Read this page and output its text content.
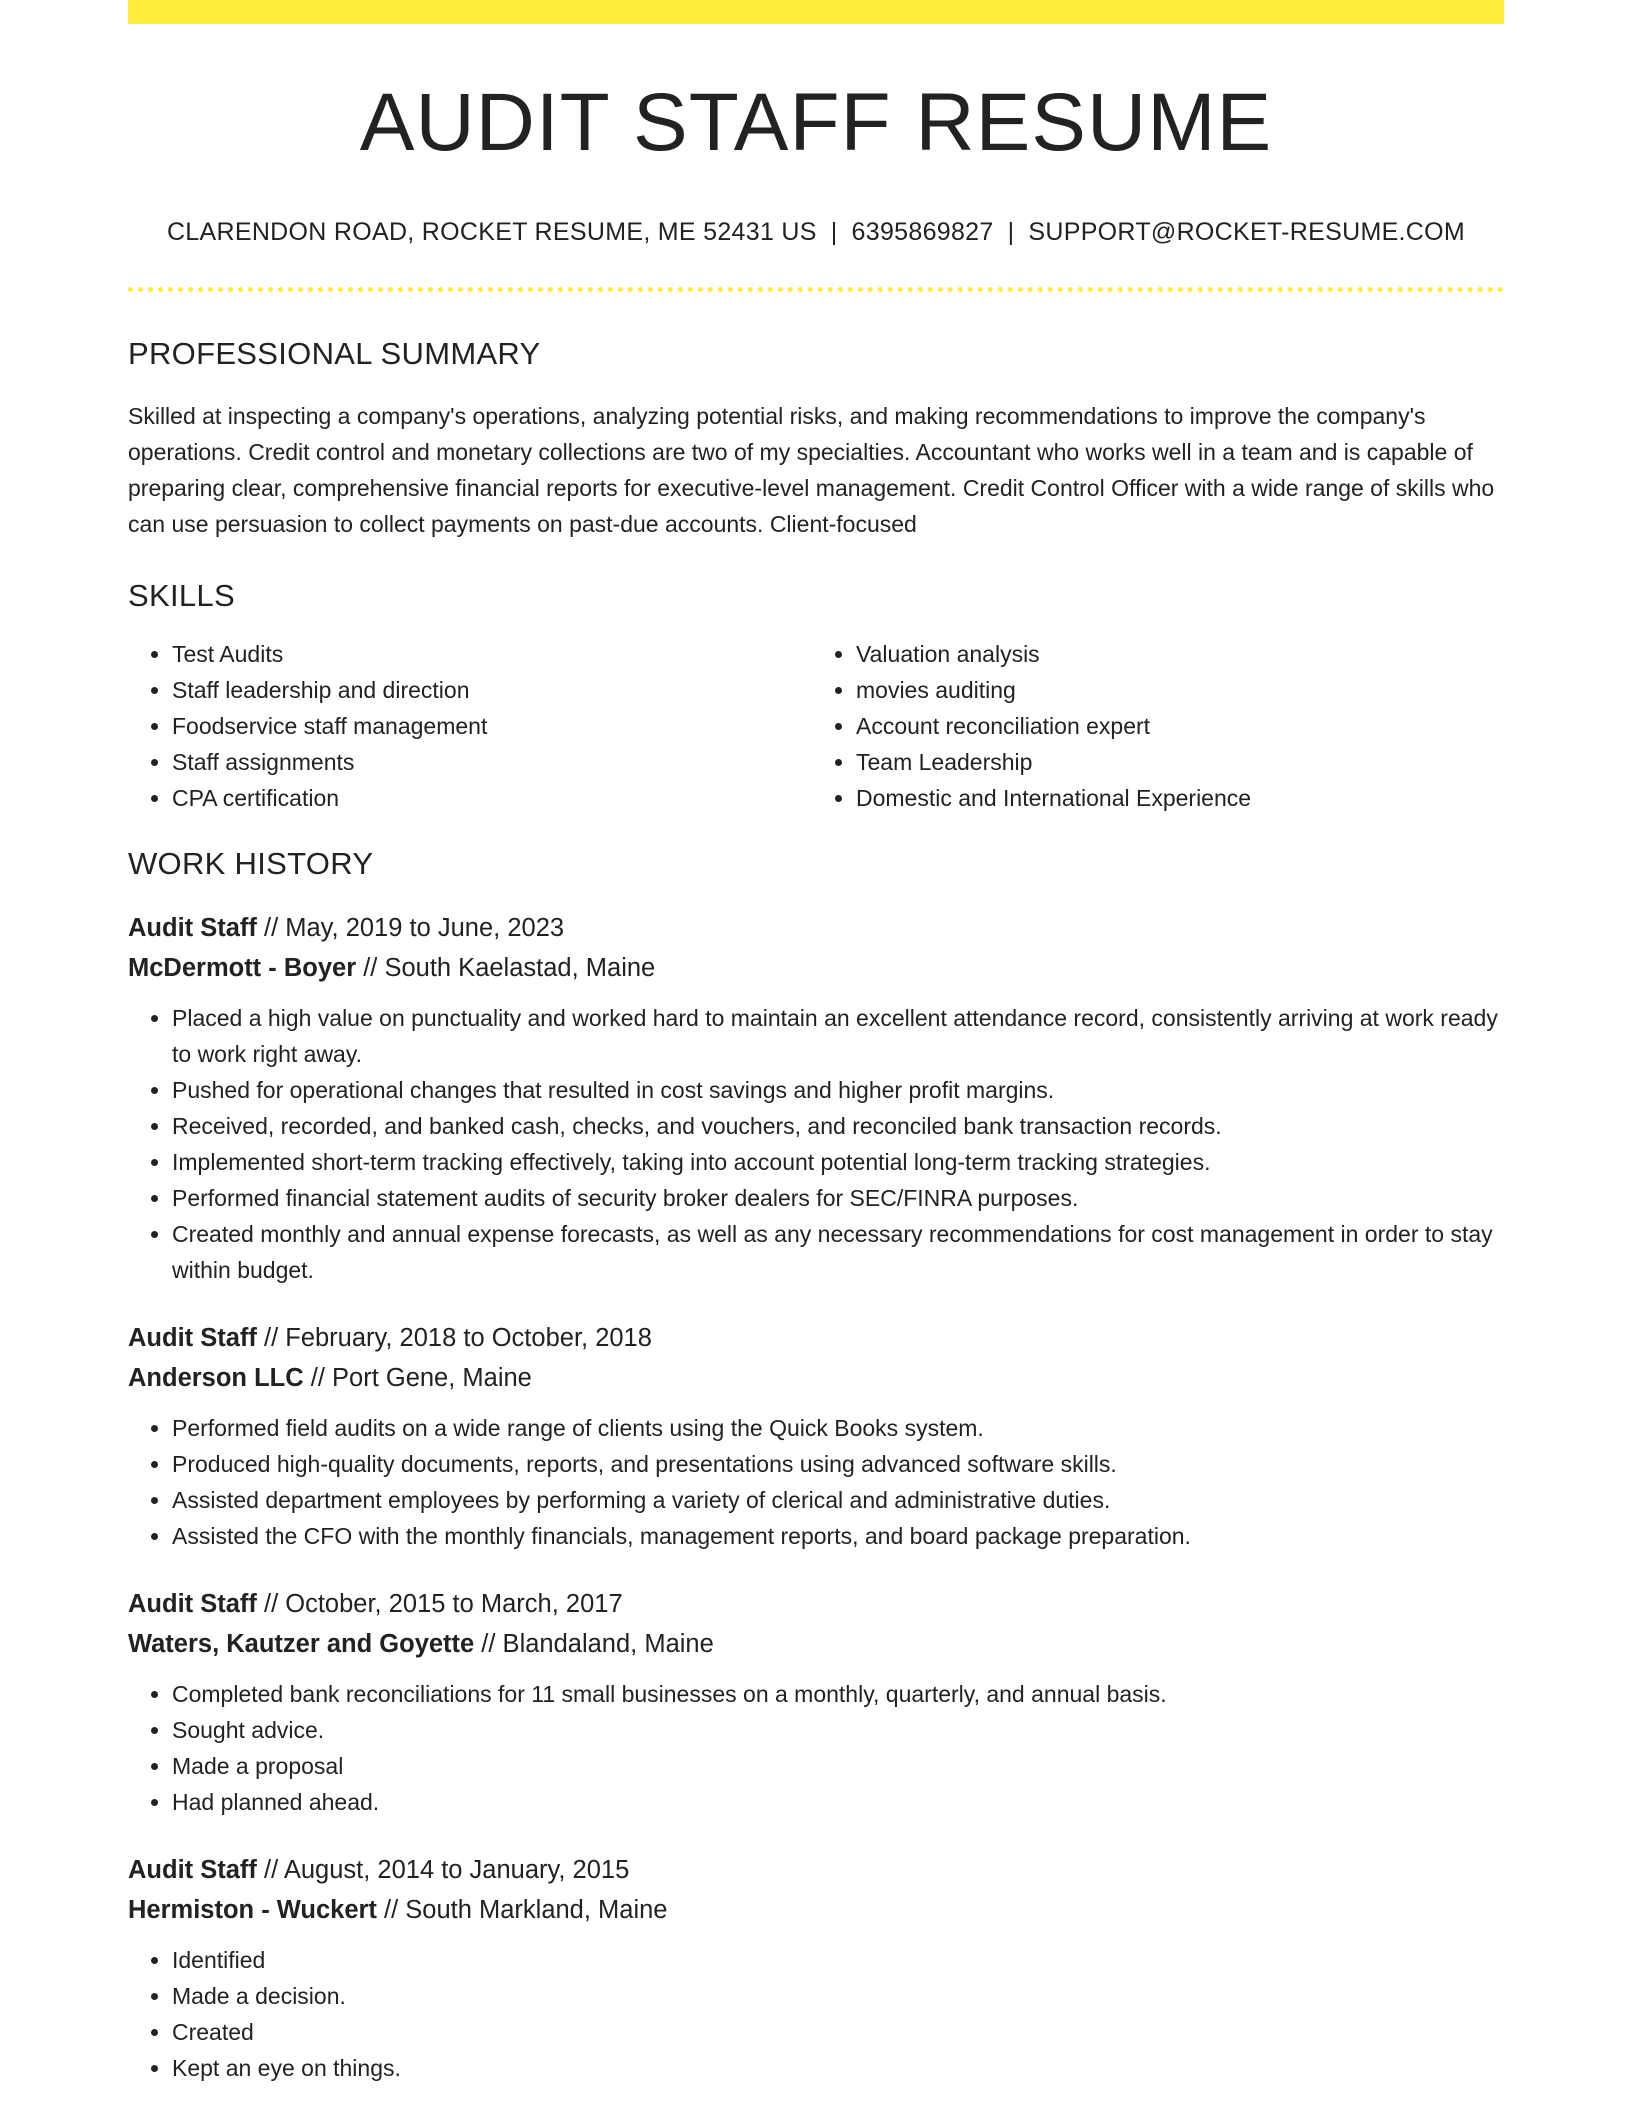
AUDIT STAFF RESUME
CLARENDON ROAD, ROCKET RESUME, ME 52431 US | 6395869827 | SUPPORT@ROCKET-RESUME.COM
PROFESSIONAL SUMMARY
Skilled at inspecting a company's operations, analyzing potential risks, and making recommendations to improve the company's operations. Credit control and monetary collections are two of my specialties. Accountant who works well in a team and is capable of preparing clear, comprehensive financial reports for executive-level management. Credit Control Officer with a wide range of skills who can use persuasion to collect payments on past-due accounts. Client-focused
SKILLS
• Test Audits
• Staff leadership and direction
• Foodservice staff management
• Staff assignments
• CPA certification
• Valuation analysis
• movies auditing
• Account reconciliation expert
• Team Leadership
• Domestic and International Experience
WORK HISTORY
Audit Staff // May, 2019 to June, 2023
McDermott - Boyer // South Kaelastad, Maine
• Placed a high value on punctuality and worked hard to maintain an excellent attendance record, consistently arriving at work ready to work right away.
• Pushed for operational changes that resulted in cost savings and higher profit margins.
• Received, recorded, and banked cash, checks, and vouchers, and reconciled bank transaction records.
• Implemented short-term tracking effectively, taking into account potential long-term tracking strategies.
• Performed financial statement audits of security broker dealers for SEC/FINRA purposes.
• Created monthly and annual expense forecasts, as well as any necessary recommendations for cost management in order to stay within budget.
Audit Staff // February, 2018 to October, 2018
Anderson LLC // Port Gene, Maine
• Performed field audits on a wide range of clients using the Quick Books system.
• Produced high-quality documents, reports, and presentations using advanced software skills.
• Assisted department employees by performing a variety of clerical and administrative duties.
• Assisted the CFO with the monthly financials, management reports, and board package preparation.
Audit Staff // October, 2015 to March, 2017
Waters, Kautzer and Goyette // Blandaland, Maine
• Completed bank reconciliations for 11 small businesses on a monthly, quarterly, and annual basis.
• Sought advice.
• Made a proposal
• Had planned ahead.
Audit Staff // August, 2014 to January, 2015
Hermiston - Wuckert // South Markland, Maine
• Identified
• Made a decision.
• Created
• Kept an eye on things.
